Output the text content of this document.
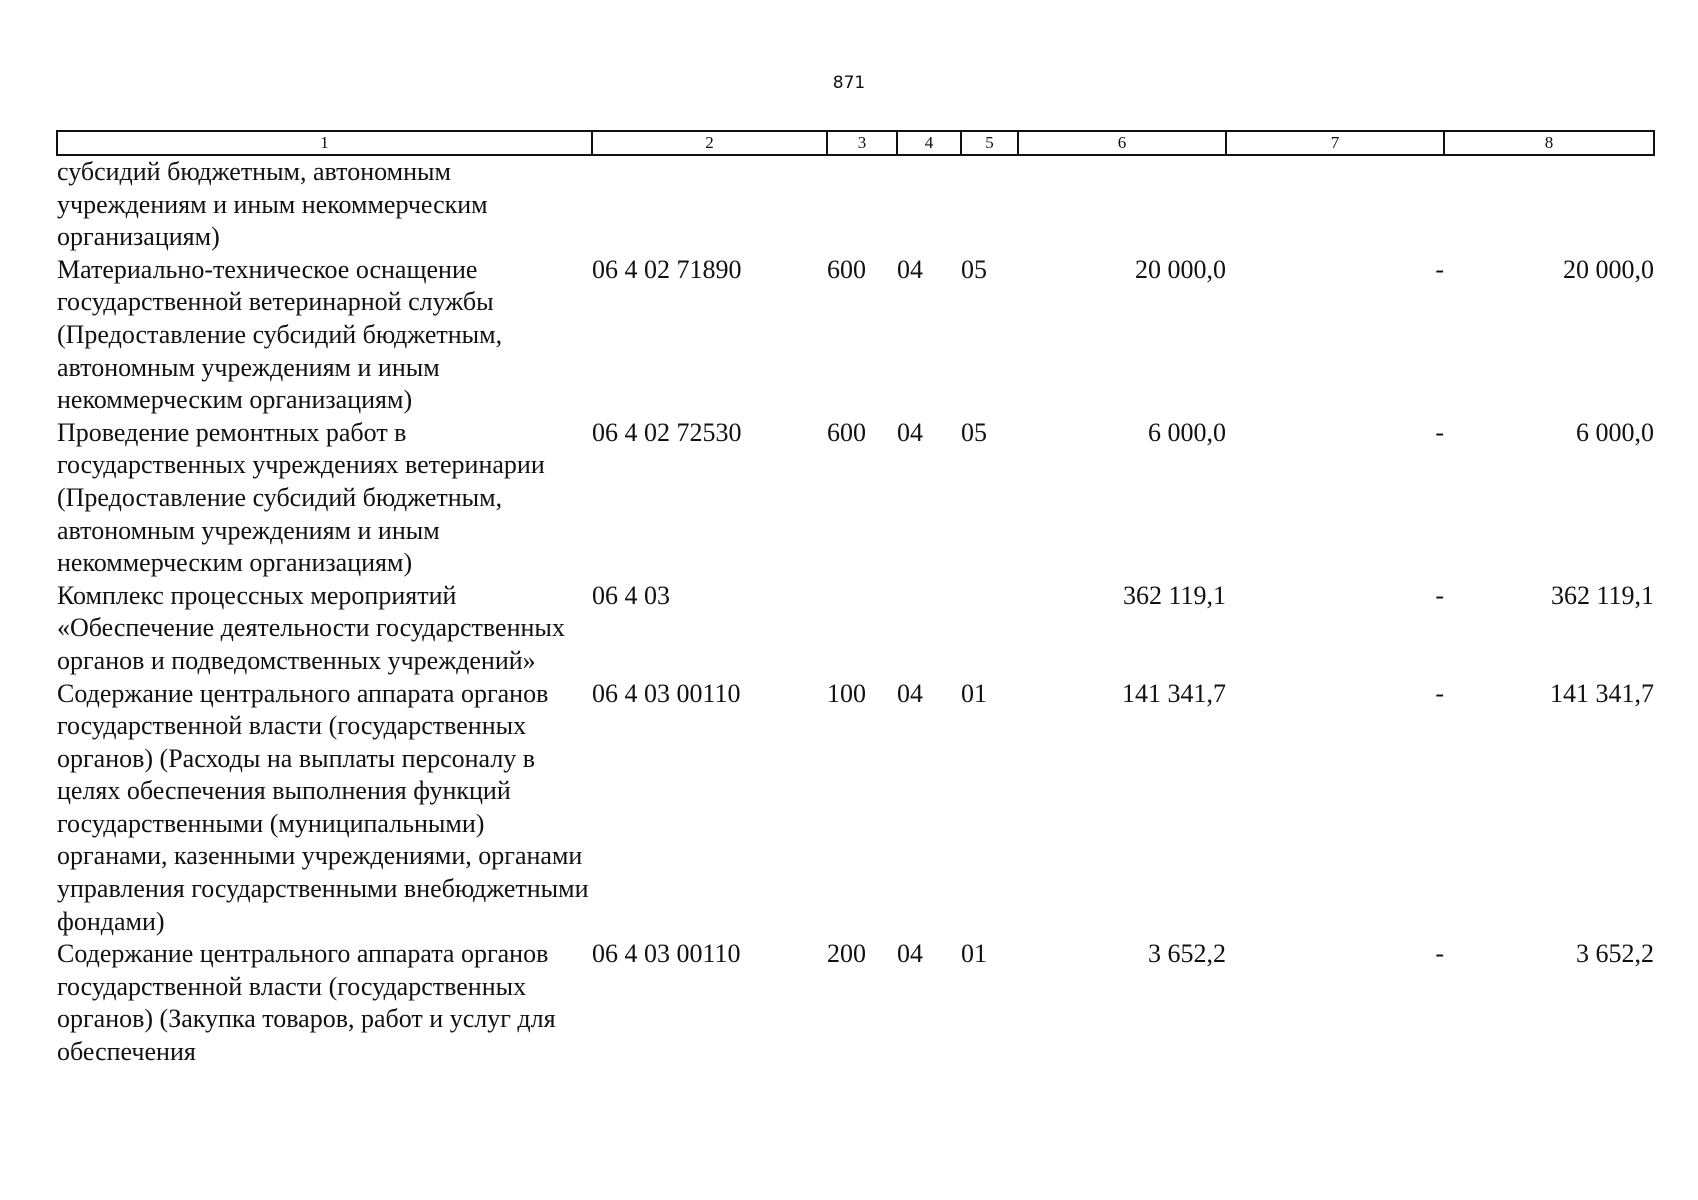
871
1	2	3	4	5	6	7	8
субсидий бюджетным, автономным учреждениям и иным некоммерческим организациям)							
Материально-техническое оснащение государственной ветеринарной службы (Предоставление субсидий бюджетным, автономным учреждениям и иным некоммерческим организациям)	06 4 02 71890	600	04	05	20 000,0	-	20 000,0
Проведение ремонтных работ в государственных учреждениях ветеринарии (Предоставление субсидий бюджетным, автономным учреждениям и иным некоммерческим организациям)	06 4 02 72530	600	04	05	6 000,0	-	6 000,0
Комплекс процессных мероприятий «Обеспечение деятельности государственных органов и подведомственных учреждений»	06 4 03				362 119,1	-	362 119,1
Содержание центрального аппарата органов государственной власти (государственных органов) (Расходы на выплаты персоналу в целях обеспечения выполнения функций государственными (муниципальными) органами, казенными учреждениями, органами управления государственными внебюджетными фондами)	06 4 03 00110	100	04	01	141 341,7	-	141 341,7
Содержание центрального аппарата органов государственной власти (государственных органов) (Закупка товаров, работ и услуг для обеспечения	06 4 03 00110	200	04	01	3 652,2	-	3 652,2
